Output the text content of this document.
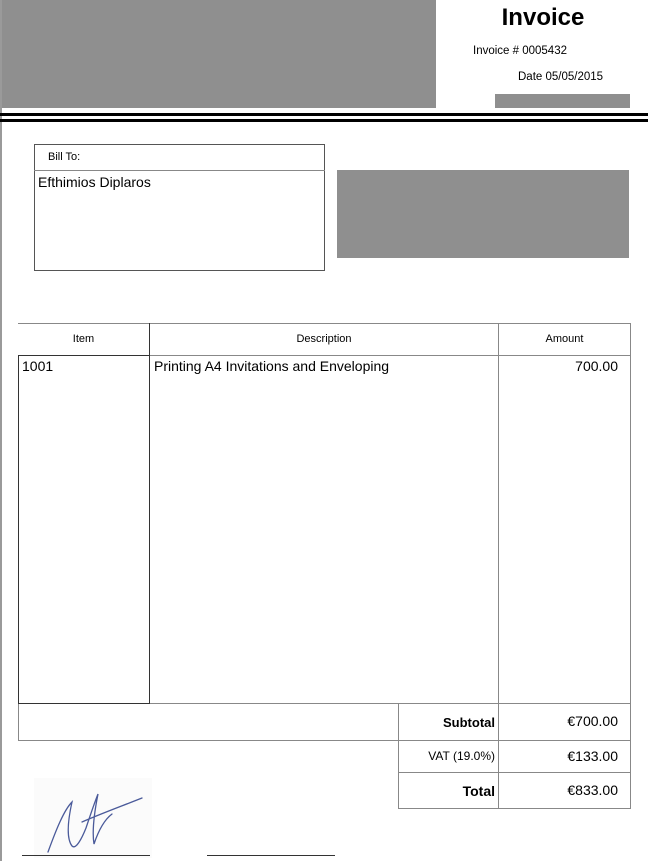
Invoice
Invoice # 0005432
Date 05/05/2015
Bill To:
Efthimios Diplaros
Item	Description	Amount
1001	Printing A4 Invitations and Enveloping	700.00
Subtotal	€700.00
VAT (19.0%)	€133.00
Total	€833.00
